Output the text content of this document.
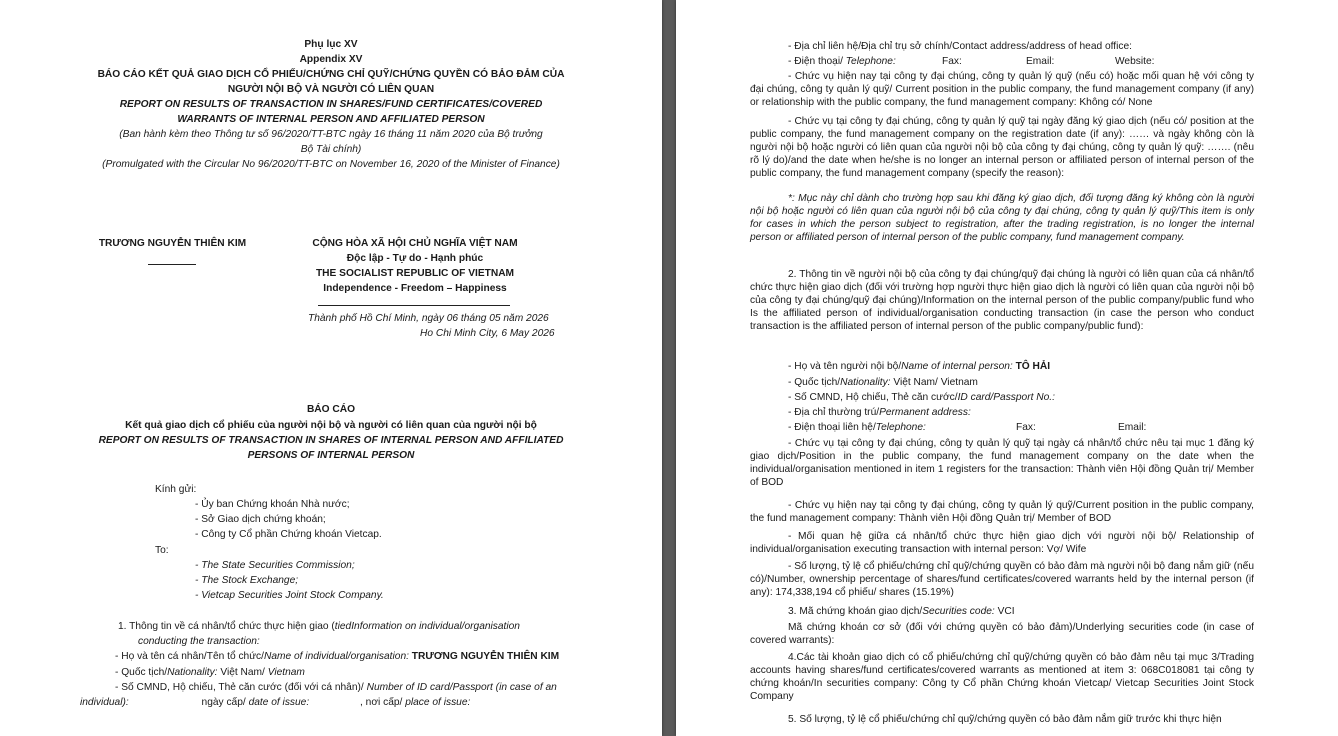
Phụ lục XV
Appendix XV
BÁO CÁO KẾT QUẢ GIAO DỊCH CỔ PHIẾU/CHỨNG CHỈ QUỸ/CHỨNG QUYỀN CÓ BẢO ĐẢM CỦA
NGƯỜI NỘI BỘ VÀ NGƯỜI CÓ LIÊN QUAN
REPORT ON RESULTS OF TRANSACTION IN SHARES/FUND CERTIFICATES/COVERED
WARRANTS OF INTERNAL PERSON AND AFFILIATED PERSON
(Ban hành kèm theo Thông tư số 96/2020/TT-BTC ngày 16 tháng 11 năm 2020 của Bộ trưởng
Bộ Tài chính)
(Promulgated with the Circular No 96/2020/TT-BTC on November 16, 2020 of the Minister of Finance)
TRƯƠNG NGUYỄN THIÊN KIM	CỘNG HÒA XÃ HỘI CHỦ NGHĨA VIỆT NAM
Độc lập - Tự do - Hạnh phúc
THE SOCIALIST REPUBLIC OF VIETNAM
Independence - Freedom – Happiness
Thành phố Hồ Chí Minh, ngày 06 tháng 05 năm 2026
Ho Chi Minh City, 6 May 2026
BÁO CÁO
Kết quả giao dịch cổ phiếu của người nội bộ và người có liên quan của người nội bộ
REPORT ON RESULTS OF TRANSACTION IN SHARES OF INTERNAL PERSON AND AFFILIATED
PERSONS OF INTERNAL PERSON
Kính gửi:
- Ủy ban Chứng khoán Nhà nước;
- Sở Giao dịch chứng khoán;
- Công ty Cổ phần Chứng khoán Vietcap.
To:
- The State Securities Commission;
- The Stock Exchange;
- Vietcap Securities Joint Stock Company.
1. Thông tin về cá nhân/tổ chức thực hiện giao (tiedInformation on individual/organisation
conducting the transaction:
- Họ và tên cá nhân/Tên tổ chức/Name of individual/organisation: TRƯƠNG NGUYỄN THIÊN KIM
- Quốc tịch/Nationality: Việt Nam/ Vietnam
- Số CMND, Hộ chiếu, Thẻ căn cước (đối với cá nhân)/ Number of ID card/Passport (in case of an
individual):	ngày cấp/ date of issue:	, nơi cấp/ place of issue:
- Địa chỉ liên hệ/Địa chỉ trụ sở chính/Contact address/address of head office:
- Điện thoại/ Telephone:	Fax:	Email:	Website:
- Chức vụ hiện nay tại công ty đại chúng, công ty quản lý quỹ (nếu có) hoặc mối quan hệ với công ty đại chúng, công ty quản lý quỹ/ Current position in the public company, the fund management company (if any) or relationship with the public company, the fund management company: Không có/ None
- Chức vụ tại công ty đại chúng, công ty quản lý quỹ tại ngày đăng ký giao dịch (nếu có/ position at the public company, the fund management company on the registration date (if any): …… và ngày không còn là người nội bộ hoặc người có liên quan của người nội bộ của công ty đại chúng, công ty quản lý quỹ: ……. (nêu rõ lý do)/and the date when he/she is no longer an internal person or affiliated person of internal person of the public company, the fund management company (specify the reason):
*: Mục này chỉ dành cho trường hợp sau khi đăng ký giao dịch, đối tượng đăng ký không còn là người nội bộ hoặc người có liên quan của người nội bộ của công ty đại chúng, công ty quản lý quỹ/This item is only for cases in which the person subject to registration, after the trading registration, is no longer the internal person or affiliated person of internal person of the public company, fund management company.
2. Thông tin về người nội bộ của công ty đại chúng/quỹ đại chúng là người có liên quan của cá nhân/tổ chức thực hiện giao dịch (đối với trường hợp người thực hiện giao dịch là người có liên quan của người nội bộ của công ty đại chúng/quỹ đại chúng)/Information on the internal person of the public company/public fund who Is the affiliated person of individual/organisation conducting transaction (in case the person who conduct transaction is the affiliated person of internal person of the public company/public fund):
- Họ và tên người nội bộ/Name of internal person: TÔ HẢI
- Quốc tịch/Nationality: Việt Nam/ Vietnam
- Số CMND, Hộ chiếu, Thẻ căn cước/ID card/Passport No.:
- Địa chỉ thường trú/Permanent address:
- Điện thoại liên hệ/Telephone:	Fax:	Email:
- Chức vụ tại công ty đại chúng, công ty quản lý quỹ tại ngày cá nhân/tổ chức nêu tại mục 1 đăng ký giao dịch/Position in the public company, the fund management company on the date when the individual/organisation mentioned in item 1 registers for the transaction: Thành viên Hội đồng Quản trị/ Member of BOD
- Chức vụ hiện nay tại công ty đại chúng, công ty quản lý quỹ/Current position in the public company, the fund management company: Thành viên Hội đồng Quản trị/ Member of BOD
- Mối quan hệ giữa cá nhân/tổ chức thực hiện giao dịch với người nội bộ/ Relationship of individual/organisation executing transaction with internal person: Vợ/ Wife
- Số lượng, tỷ lệ cổ phiếu/chứng chỉ quỹ/chứng quyền có bảo đảm mà người nội bộ đang nắm giữ (nếu có)/Number, ownership percentage of shares/fund certificates/covered warrants held by the internal person (if any): 174,338,194 cổ phiếu/ shares (15.19%)
3. Mã chứng khoán giao dịch/Securities code: VCI
Mã chứng khoán cơ sở (đối với chứng quyền có bảo đảm)/Underlying securities code (in case of covered warrants):
4.Các tài khoản giao dịch có cổ phiếu/chứng chỉ quỹ/chứng quyền có bảo đảm nêu tại mục 3/Trading accounts having shares/fund certificates/covered warrants as mentioned at item 3: 068C018081 tại công ty chứng khoán/In securities company: Công ty Cổ phần Chứng khoán Vietcap/ Vietcap Securities Joint Stock Company
5. Số lượng, tỷ lệ cổ phiếu/chứng chỉ quỹ/chứng quyền có bảo đảm nắm giữ trước khi thực hiện
